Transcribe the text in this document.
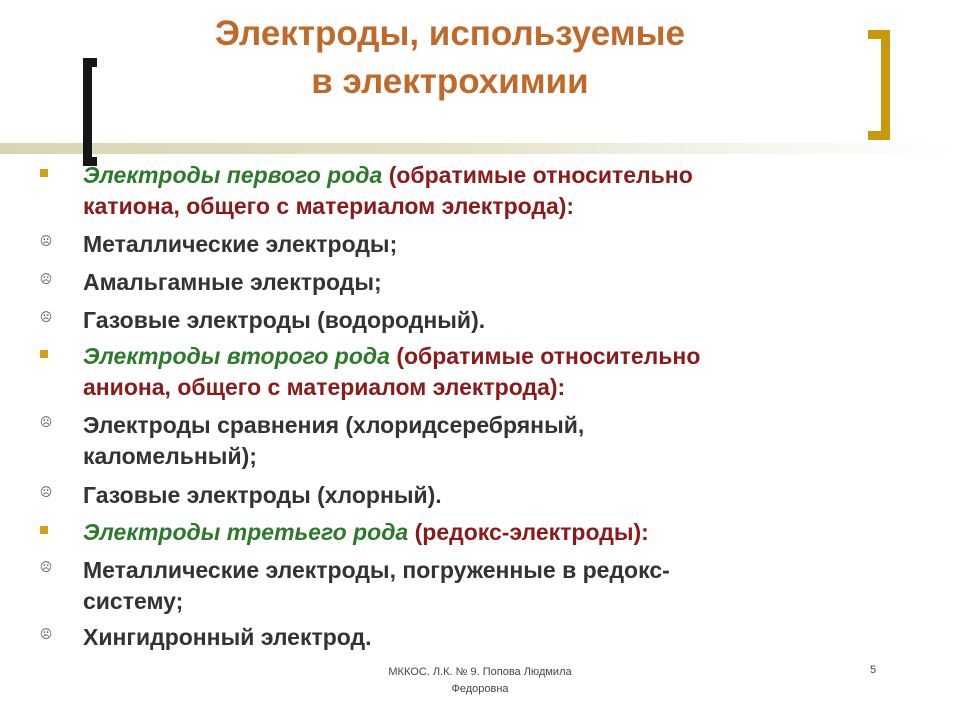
Электроды, используемые
в электрохимии
Электроды первого рода (обратимые относительно
катиона, общего с материалом электрода):
☹ Металлические электроды;
☹ Амальгамные электроды;
☹ Газовые электроды (водородный).
Электроды второго рода (обратимые относительно
аниона, общего с материалом электрода):
☹ Электроды сравнения (хлоридсеребряный,
каломельный);
☹ Газовые электроды (хлорный).
Электроды третьего рода (редокс-электроды):
☹ Металлические электроды, погруженные в редокс-
систему;
☹ Хингидронный электрод.
МККОС. Л.К. № 9. Попова Людмила
Федоровна
5
